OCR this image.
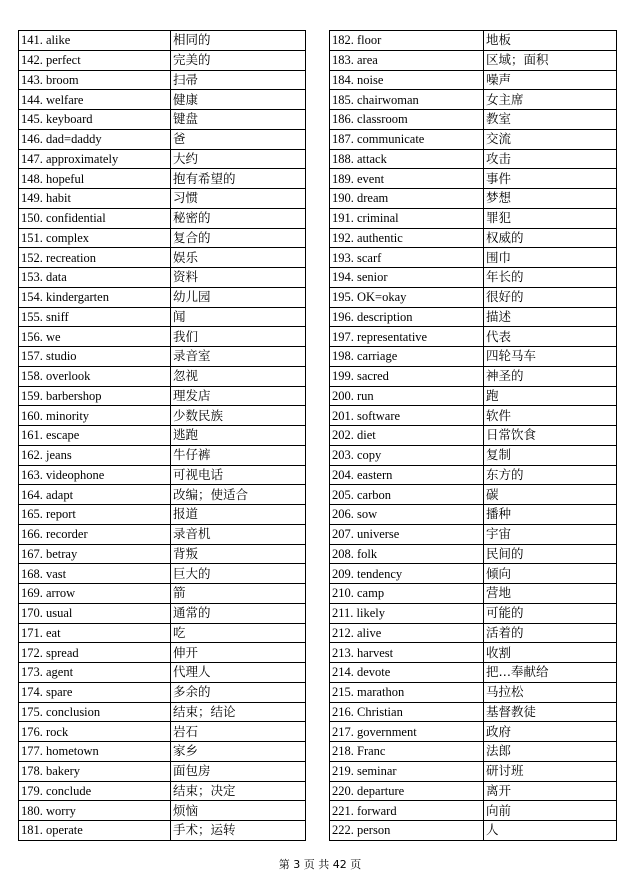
141. alike	相同的
142. perfect	完美的
143. broom	扫帚
144. welfare	健康
145. keyboard	键盘
146. dad=daddy	爸
147. approximately	大约
148. hopeful	抱有希望的
149. habit	习惯
150. confidential	秘密的
151. complex	复合的
152. recreation	娱乐
153. data	资料
154. kindergarten	幼儿园
155. sniff	闻
156. we	我们
157. studio	录音室
158. overlook	忽视
159. barbershop	理发店
160. minority	少数民族
161. escape	逃跑
162. jeans	牛仔裤
163. videophone	可视电话
164. adapt	改编；使适合
165. report	报道
166. recorder	录音机
167. betray	背叛
168. vast	巨大的
169. arrow	箭
170. usual	通常的
171. eat	吃
172. spread	伸开
173. agent	代理人
174. spare	多余的
175. conclusion	结束；结论
176. rock	岩石
177. hometown	家乡
178. bakery	面包房
179. conclude	结束；决定
180. worry	烦恼
181. operate	手术；运转
182. floor	地板
183. area	区域；面积
184. noise	噪声
185. chairwoman	女主席
186. classroom	教室
187. communicate	交流
188. attack	攻击
189. event	事件
190. dream	梦想
191. criminal	罪犯
192. authentic	权威的
193. scarf	围巾
194. senior	年长的
195. OK=okay	很好的
196. description	描述
197. representative	代表
198. carriage	四轮马车
199. sacred	神圣的
200. run	跑
201. software	软件
202. diet	日常饮食
203. copy	复制
204. eastern	东方的
205. carbon	碳
206. sow	播种
207. universe	宇宙
208. folk	民间的
209. tendency	倾向
210. camp	营地
211. likely	可能的
212. alive	活着的
213. harvest	收割
214. devote	把…奉献给
215. marathon	马拉松
216. Christian	基督教徒
217. government	政府
218. Franc	法郎
219. seminar	研讨班
220. departure	离开
221. forward	向前
222. person	人
第 3 页 共 42 页
